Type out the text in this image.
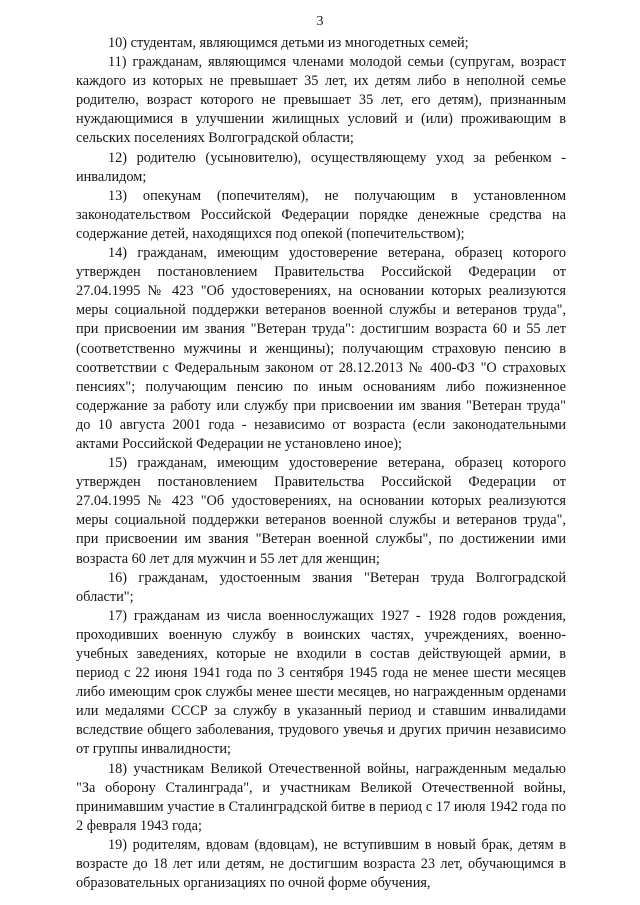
3

10) студентам, являющимся детьми из многодетных семей;

11) гражданам, являющимся членами молодой семьи (супругам, возраст каждого из которых не превышает 35 лет, их детям либо в неполной семье родителю, возраст которого не превышает 35 лет, его детям), признанным нуждающимися в улучшении жилищных условий и (или) проживающим в сельских поселениях Волгоградской области;

12) родителю (усыновителю), осуществляющему уход за ребенком - инвалидом;

13) опекунам (попечителям), не получающим в установленном законодательством Российской Федерации порядке денежные средства на содержание детей, находящихся под опекой (попечительством);

14) гражданам, имеющим удостоверение ветерана, образец которого утвержден постановлением Правительства Российской Федерации от 27.04.1995 № 423 "Об удостоверениях, на основании которых реализуются меры социальной поддержки ветеранов военной службы и ветеранов труда", при присвоении им звания "Ветеран труда": достигшим возраста 60 и 55 лет (соответственно мужчины и женщины); получающим страховую пенсию в соответствии с Федеральным законом от 28.12.2013 № 400-ФЗ "О страховых пенсиях"; получающим пенсию по иным основаниям либо пожизненное содержание за работу или службу при присвоении им звания "Ветеран труда" до 10 августа 2001 года - независимо от возраста (если законодательными актами Российской Федерации не установлено иное);

15) гражданам, имеющим удостоверение ветерана, образец которого утвержден постановлением Правительства Российской Федерации от 27.04.1995 № 423 "Об удостоверениях, на основании которых реализуются меры социальной поддержки ветеранов военной службы и ветеранов труда", при присвоении им звания "Ветеран военной службы", по достижении ими возраста 60 лет для мужчин и 55 лет для женщин;

16) гражданам, удостоенным звания "Ветеран труда Волгоградской области";

17) гражданам из числа военнослужащих 1927 - 1928 годов рождения, проходивших военную службу в воинских частях, учреждениях, военно-учебных заведениях, которые не входили в состав действующей армии, в период с 22 июня 1941 года по 3 сентября 1945 года не менее шести месяцев либо имеющим срок службы менее шести месяцев, но награжденным орденами или медалями СССР за службу в указанный период и ставшим инвалидами вследствие общего заболевания, трудового увечья и других причин независимо от группы инвалидности;

18) участникам Великой Отечественной войны, награжденным медалью "За оборону Сталинграда", и участникам Великой Отечественной войны, принимавшим участие в Сталинградской битве в период с 17 июля 1942 года по 2 февраля 1943 года;

19) родителям, вдовам (вдовцам), не вступившим в новый брак, детям в возрасте до 18 лет или детям, не достигшим возраста 23 лет, обучающимся в образовательных организациях по очной форме обучения,
